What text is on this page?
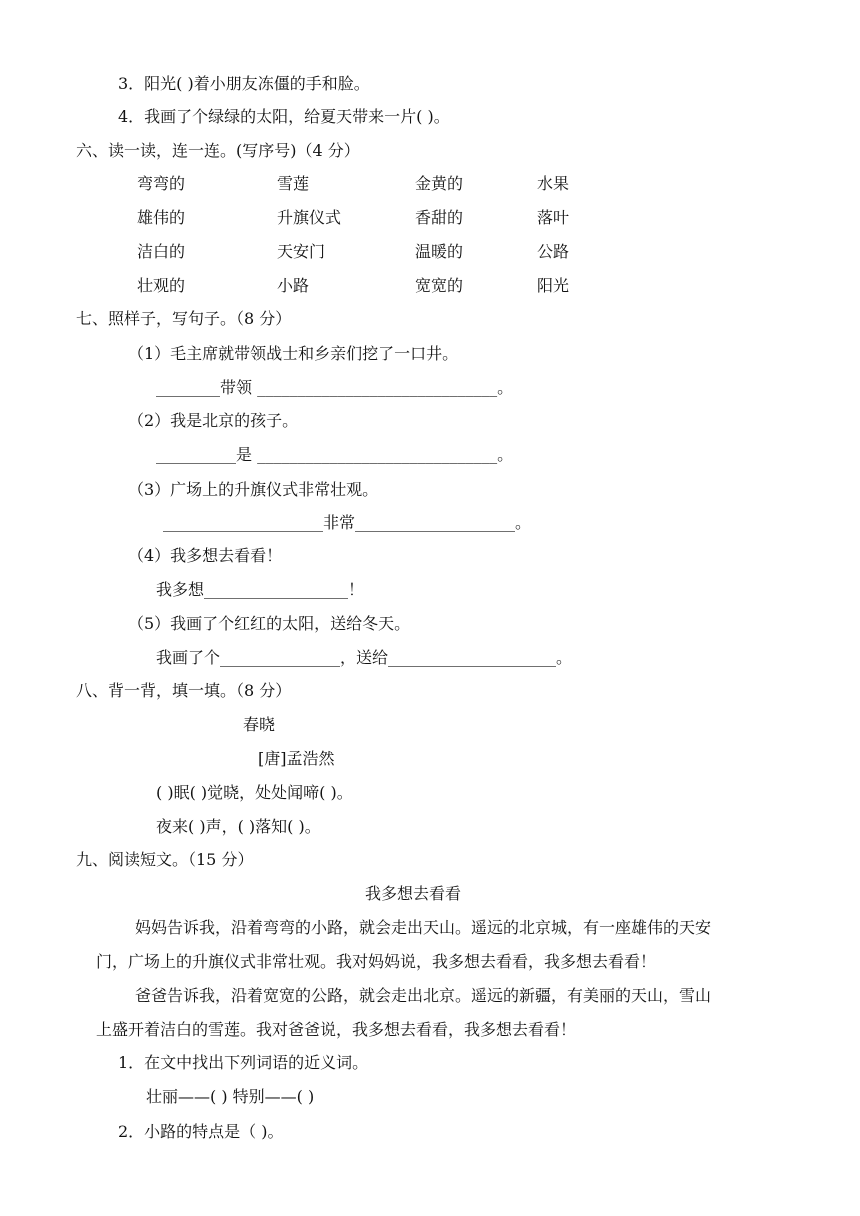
3．阳光( )着小朋友冻僵的手和脸。
4．我画了个绿绿的太阳，给夏天带来一片( )。
六、读一读，连一连。(写序号)（4 分）
弯弯的
雄伟的
洁白的
壮观的
雪莲
升旗仪式
天安门
小路
金黄的
香甜的
温暖的
宽宽的
水果
落叶
公路
阳光
七、照样子，写句子。（8 分）
（1）毛主席就带领战士和乡亲们挖了一口井。
________带领 ______________________________。
（2）我是北京的孩子。
__________是 ______________________________。
（3）广场上的升旗仪式非常壮观。
____________________非常____________________。
（4）我多想去看看！
我多想__________________！
（5）我画了个红红的太阳，送给冬天。
我画了个_______________，送给_____________________。
八、背一背，填一填。（8 分）
春晓
[唐]孟浩然
( )眠( )觉晓，处处闻啼( )。
夜来( )声，( )落知( )。
九、阅读短文。（15 分）
我多想去看看
妈妈告诉我，沿着弯弯的小路，就会走出天山。遥远的北京城，有一座雄伟的天安
门，广场上的升旗仪式非常壮观。我对妈妈说，我多想去看看，我多想去看看！
爸爸告诉我，沿着宽宽的公路，就会走出北京。遥远的新疆，有美丽的天山，雪山
上盛开着洁白的雪莲。我对爸爸说，我多想去看看，我多想去看看！
1．在文中找出下列词语的近义词。
壮丽——( ) 特别——( )
2．小路的特点是（ )。
